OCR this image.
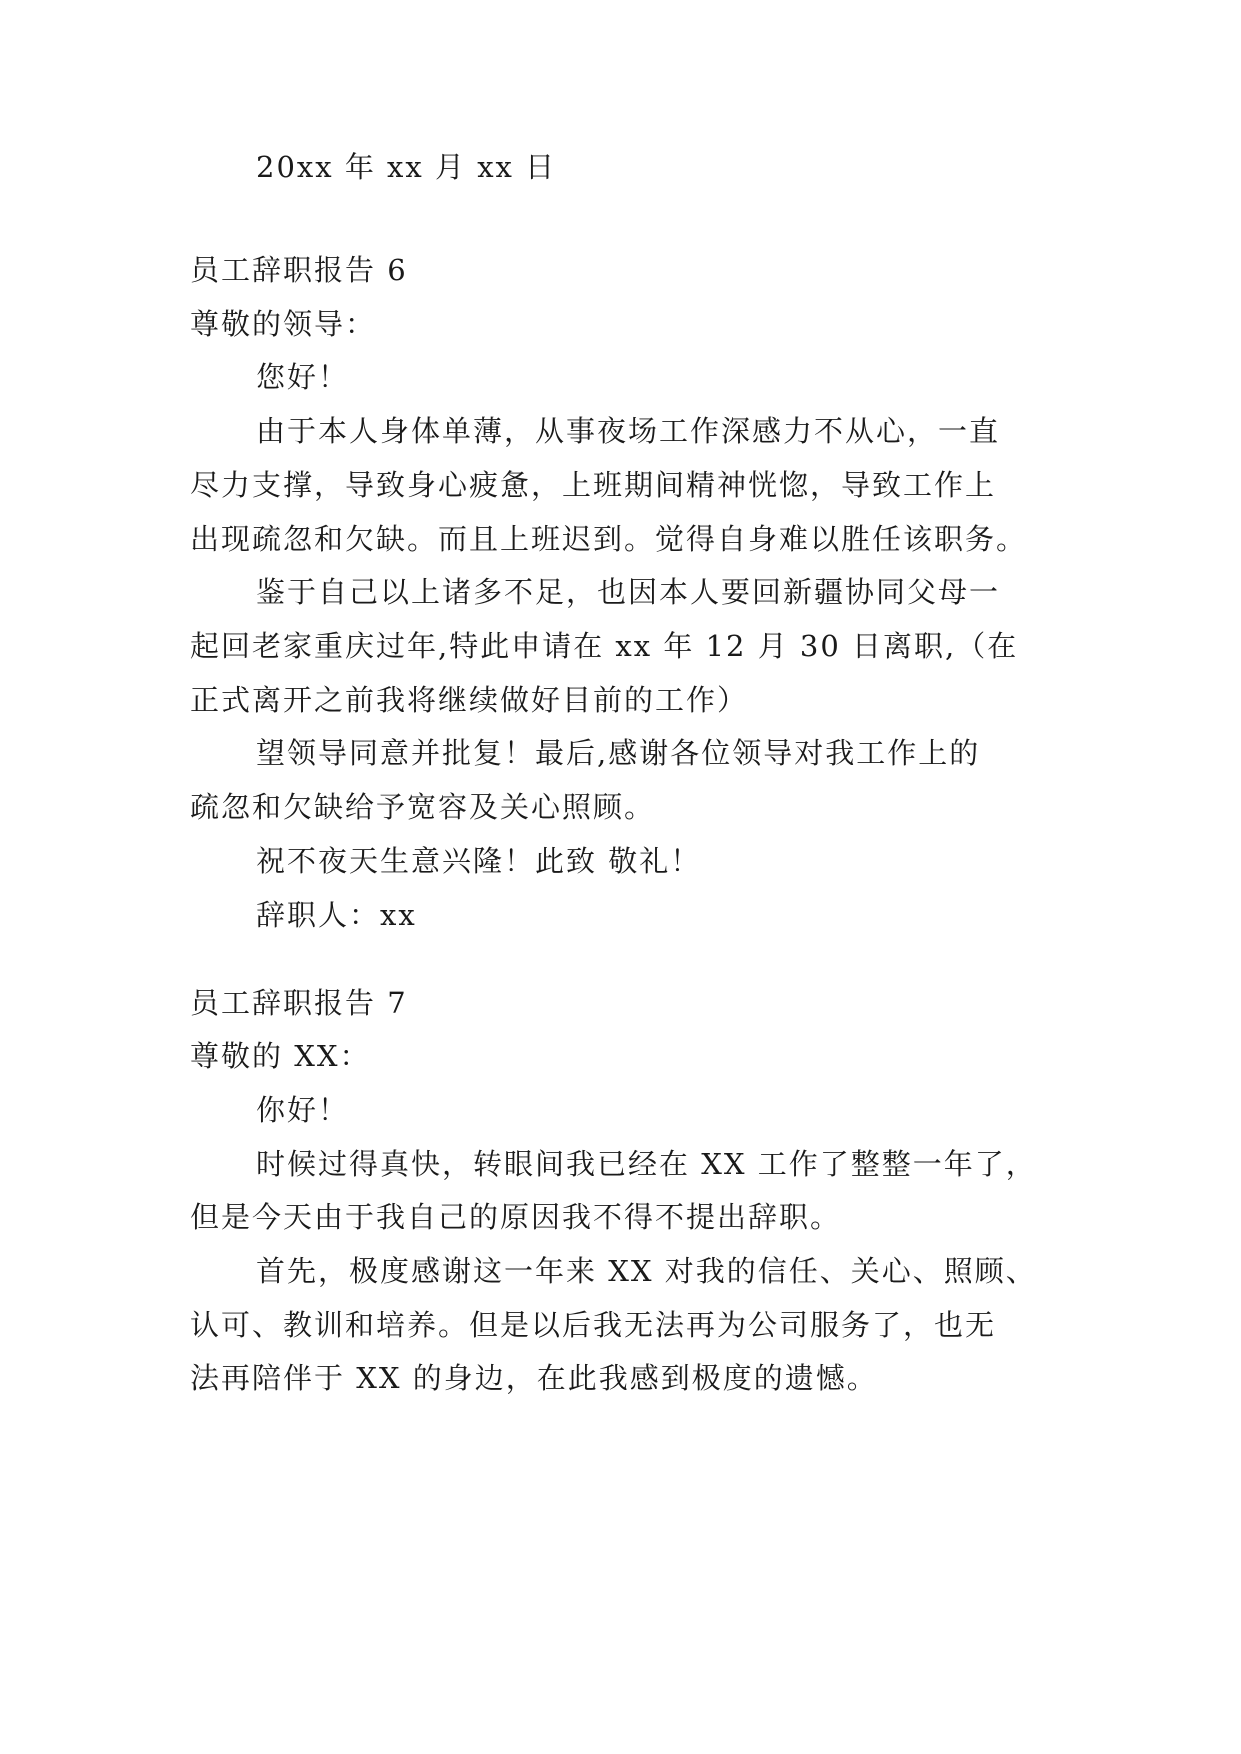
20xx 年 xx 月 xx 日
员工辞职报告 6
尊敬的领导：
您好！
由于本人身体单薄，从事夜场工作深感力不从心，一直
尽力支撑，导致身心疲惫，上班期间精神恍惚，导致工作上
出现疏忽和欠缺。而且上班迟到。觉得自身难以胜任该职务。
鉴于自己以上诸多不足，也因本人要回新疆协同父母一
起回老家重庆过年,特此申请在 xx 年 12 月 30 日离职,（在
正式离开之前我将继续做好目前的工作）
望领导同意并批复！最后,感谢各位领导对我工作上的
疏忽和欠缺给予宽容及关心照顾。
祝不夜天生意兴隆！此致 敬礼！
辞职人：xx
员工辞职报告 7
尊敬的 XX：
你好！
时候过得真快，转眼间我已经在 XX 工作了整整一年了，
但是今天由于我自己的原因我不得不提出辞职。
首先，极度感谢这一年来 XX 对我的信任、关心、照顾、
认可、教训和培养。但是以后我无法再为公司服务了，也无
法再陪伴于 XX 的身边，在此我感到极度的遗憾。
